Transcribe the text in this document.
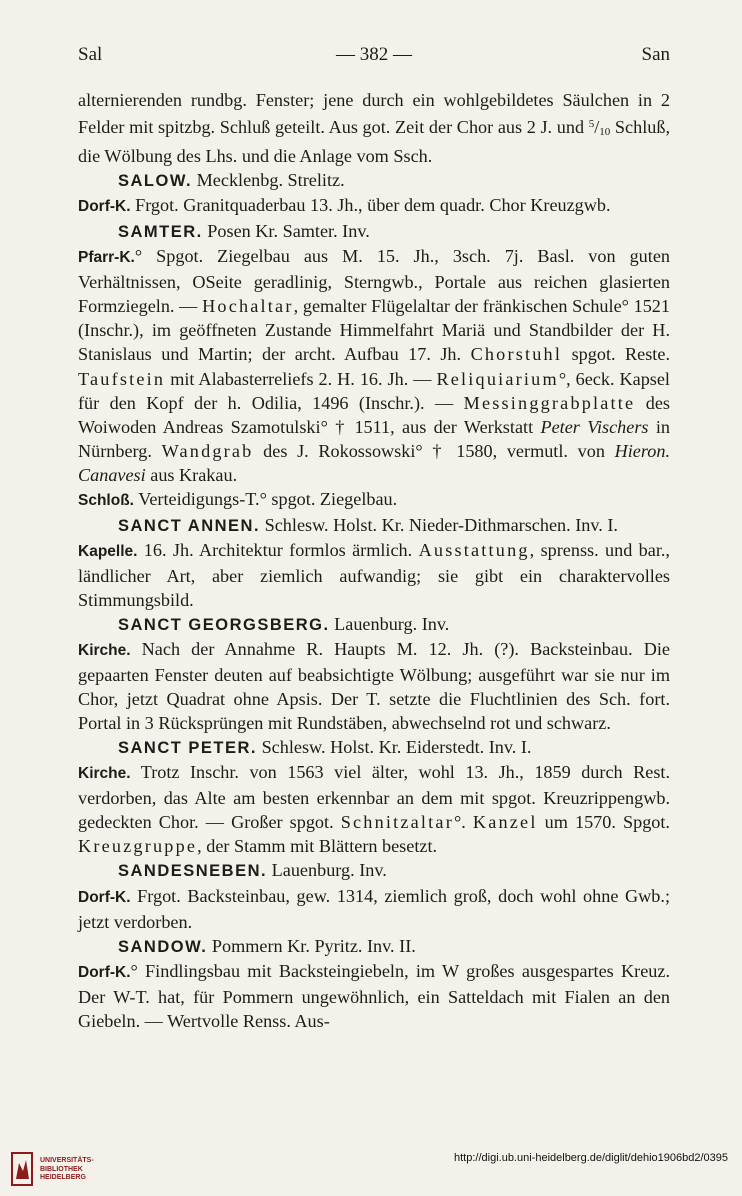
Sal	— 382 —	San

alternierenden rundbg. Fenster; jene durch ein wohlgebildetes Säulchen in 2 Felder mit spitzbg. Schluß geteilt. Aus got. Zeit der Chor aus 2 J. und $^5/_{10}$ Schluß, die Wölbung des Lhs. und die Anlage vom Ssch.

SALOW. Mecklenbg. Strelitz.

Dorf-K. Frgot. Granitquaderbau 13. Jh., über dem quadr. Chor Kreuzgwb.

SAMTER. Posen Kr. Samter. Inv.

Pfarr-K.° Spgot. Ziegelbau aus M. 15. Jh., 3sch. 7j. Basl. von guten Verhältnissen, OSeite geradlinig, Sterngwb., Portale aus reichen glasierten Formziegeln. — Hochaltar, gemalter Flügelaltar der fränkischen Schule° 1521 (Inschr.), im geöffneten Zustande Himmelfahrt Mariä und Standbilder der H. Stanislaus und Martin; der archt. Aufbau 17. Jh. Chorstuhl spgot. Reste. Taufstein mit Alabasterreliefs 2. H. 16. Jh. — Reliquiarium°, 6eck. Kapsel für den Kopf der h. Odilia, 1496 (Inschr.). — Messinggrabplatte des Woiwoden Andreas Szamotulski° † 1511, aus der Werkstatt Peter Vischers in Nürnberg. Wandgrab des J. Rokossowski° † 1580, vermutl. von Hieron. Canavesi aus Krakau.

Schloß. Verteidigungs-T.° spgot. Ziegelbau.

SANCT ANNEN. Schlesw. Holst. Kr. Nieder-Dithmarschen. Inv. I.

Kapelle. 16. Jh. Architektur formlos ärmlich. Ausstattung, sprenss. und bar., ländlicher Art, aber ziemlich aufwandig; sie gibt ein charaktervolles Stimmungsbild.

SANCT GEORGSBERG. Lauenburg. Inv.

Kirche. Nach der Annahme R. Haupts M. 12. Jh. (?). Backsteinbau. Die gepaarten Fenster deuten auf beabsichtigte Wölbung; ausgeführt war sie nur im Chor, jetzt Quadrat ohne Apsis. Der T. setzte die Fluchtlinien des Sch. fort. Portal in 3 Rücksprüngen mit Rundstäben, abwechselnd rot und schwarz.

SANCT PETER. Schlesw. Holst. Kr. Eiderstedt. Inv. I.

Kirche. Trotz Inschr. von 1563 viel älter, wohl 13. Jh., 1859 durch Rest. verdorben, das Alte am besten erkennbar an dem mit spgot. Kreuzrippengwb. gedeckten Chor. — Großer spgot. Schnitzaltar°. Kanzel um 1570. Spgot. Kreuzgruppe, der Stamm mit Blättern besetzt.

SANDESNEBEN. Lauenburg. Inv.

Dorf-K. Frgot. Backsteinbau, gew. 1314, ziemlich groß, doch wohl ohne Gwb.; jetzt verdorben.

SANDOW. Pommern Kr. Pyritz. Inv. II.

Dorf-K.° Findlingsbau mit Backsteingiebeln, im W großes ausgespartes Kreuz. Der W-T. hat, für Pommern ungewöhnlich, ein Satteldach mit Fialen an den Giebeln. — Wertvolle Renss. Aus-

UNIVERSITÄTS-
BIBLIOTHEK
HEIDELBERG
http://digi.ub.uni-heidelberg.de/diglit/dehio1906bd2/0395
